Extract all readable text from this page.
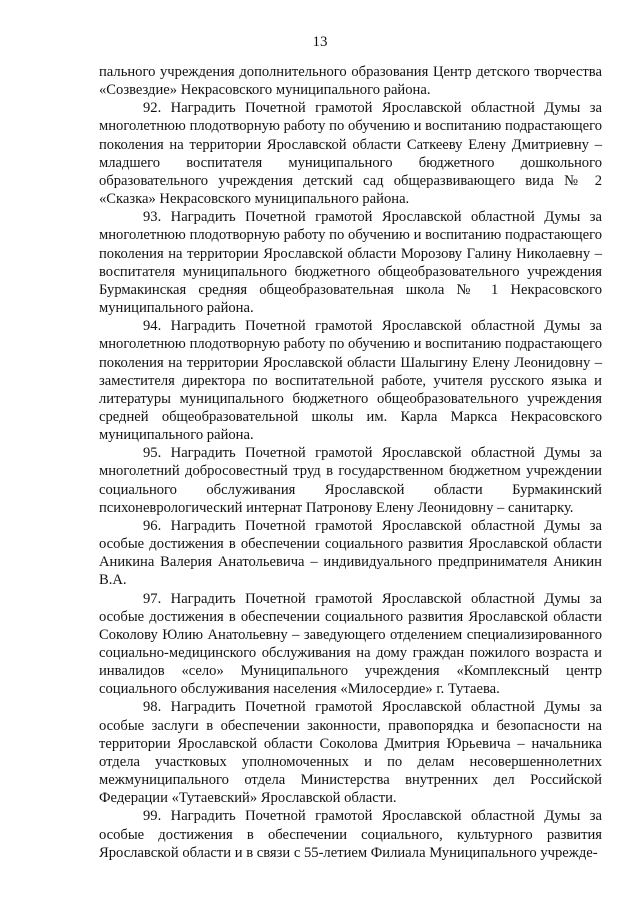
13

пального учреждения дополнительного образования Центр детского творчества «Созвездие» Некрасовского муниципального района.

92. Наградить Почетной грамотой Ярославской областной Думы за многолетнюю плодотворную работу по обучению и воспитанию подрастающего поколения на территории Ярославской области Саткееву Елену Дмитриевну – младшего воспитателя муниципального бюджетного дошкольного образовательного учреждения детский сад общеразвивающего вида № 2 «Сказка» Некрасовского муниципального района.

93. Наградить Почетной грамотой Ярославской областной Думы за многолетнюю плодотворную работу по обучению и воспитанию подрастающего поколения на территории Ярославской области Морозову Галину Николаевну – воспитателя муниципального бюджетного общеобразовательного учреждения Бурмакинская средняя общеобразовательная школа № 1 Некрасовского муниципального района.

94. Наградить Почетной грамотой Ярославской областной Думы за многолетнюю плодотворную работу по обучению и воспитанию подрастающего поколения на территории Ярославской области Шалыгину Елену Леонидовну – заместителя директора по воспитательной работе, учителя русского языка и литературы муниципального бюджетного общеобразовательного учреждения средней общеобразовательной школы им. Карла Маркса Некрасовского муниципального района.

95. Наградить Почетной грамотой Ярославской областной Думы за многолетний добросовестный труд в государственном бюджетном учреждении социального обслуживания Ярославской области Бурмакинский психоневрологический интернат Патронову Елену Леонидовну – санитарку.

96. Наградить Почетной грамотой Ярославской областной Думы за особые достижения в обеспечении социального развития Ярославской области Аникина Валерия Анатольевича – индивидуального предпринимателя Аникин В.А.

97. Наградить Почетной грамотой Ярославской областной Думы за особые достижения в обеспечении социального развития Ярославской области Соколову Юлию Анатольевну – заведующего отделением специализированного социально-медицинского обслуживания на дому граждан пожилого возраста и инвалидов «село» Муниципального учреждения «Комплексный центр социального обслуживания населения «Милосердие» г. Тутаева.

98. Наградить Почетной грамотой Ярославской областной Думы за особые заслуги в обеспечении законности, правопорядка и безопасности на территории Ярославской области Соколова Дмитрия Юрьевича – начальника отдела участковых уполномоченных и по делам несовершеннолетних межмуниципального отдела Министерства внутренних дел Российской Федерации «Тутаевский» Ярославской области.

99. Наградить Почетной грамотой Ярославской областной Думы за особые достижения в обеспечении социального, культурного развития Ярославской области и в связи с 55-летием Филиала Муниципального учрежде-
